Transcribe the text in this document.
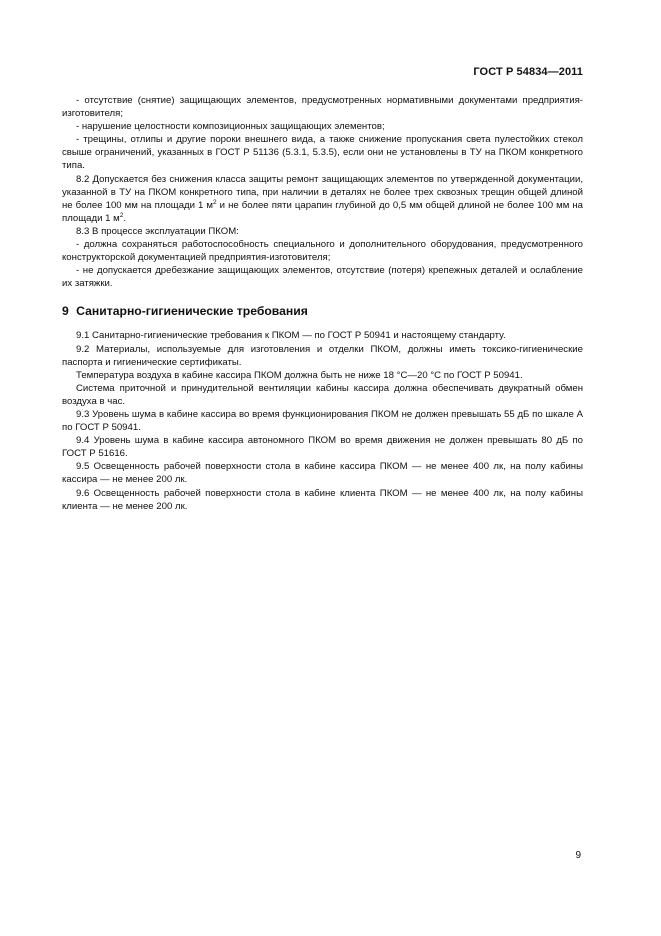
ГОСТ Р 54834—2011

- отсутствие (снятие) защищающих элементов, предусмотренных нормативными документами предприятия-изготовителя;

- нарушение целостности композиционных защищающих элементов;

- трещины, отлипы и другие пороки внешнего вида, а также снижение пропускания света пулестойких стекол свыше ограничений, указанных в ГОСТ Р 51136 (5.3.1, 5.3.5), если они не установлены в ТУ на ПКОМ конкретного типа.

8.2 Допускается без снижения класса защиты ремонт защищающих элементов по утвержденной документации, указанной в ТУ на ПКОМ конкретного типа, при наличии в деталях не более трех сквозных трещин общей длиной не более 100 мм на площади 1 $м^2$ и не более пяти царапин глубиной до 0,5 мм общей длиной не более 100 мм на площади 1 $м^2$.

8.3 В процессе эксплуатации ПКОМ:

- должна сохраняться работоспособность специального и дополнительного оборудования, предусмотренного конструкторской документацией предприятия-изготовителя;

- не допускается дребезжание защищающих элементов, отсутствие (потеря) крепежных деталей и ослабление их затяжки.

9 Санитарно-гигиенические требования

9.1 Санитарно-гигиенические требования к ПКОМ — по ГОСТ Р 50941 и настоящему стандарту.

9.2 Материалы, используемые для изготовления и отделки ПКОМ, должны иметь токсико-гигиенические паспорта и гигиенические сертификаты.

Температура воздуха в кабине кассира ПКОМ должна быть не ниже 18 °С—20 °С по ГОСТ Р 50941.

Система приточной и принудительной вентиляции кабины кассира должна обеспечивать двукратный обмен воздуха в час.

9.3 Уровень шума в кабине кассира во время функционирования ПКОМ не должен превышать 55 дБ по шкале А по ГОСТ Р 50941.

9.4 Уровень шума в кабине кассира автономного ПКОМ во время движения не должен превышать 80 дБ по ГОСТ Р 51616.

9.5 Освещенность рабочей поверхности стола в кабине кассира ПКОМ — не менее 400 лк, на полу кабины кассира — не менее 200 лк.

9.6 Освещенность рабочей поверхности стола в кабине клиента ПКОМ — не менее 400 лк, на полу кабины клиента — не менее 200 лк.

9
